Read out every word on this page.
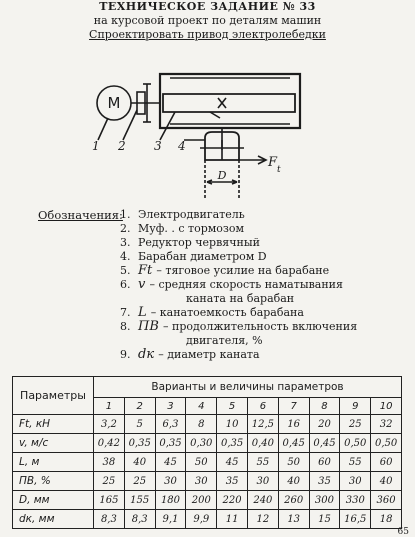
ТЕХНИЧЕСКОЕ ЗАДАНИЕ № 33
на курсовой проект по деталям машин
Спроектировать привод электролебедки
M
1 2 3 4
F t
D
Обозначения:
1. Электродвигатель
2. Муф. . с тормозом
3. Редуктор червячный
4. Барабан диаметром D
5. Ft – тяговое усилие на барабане
6. v – средняя скорость наматывания
каната на барабан
7. L – канатоемкость барабана
8. ПВ – продолжительность включения
двигателя, %
9. dк – диаметр каната
Параметры	Варианты и величины параметров									
	1	2	3	4	5	6	7	8	9	10
Ft, кН	3,2	5	6,3	8	10	12,5	16	20	25	32
v, м/с	0,42	0,35	0,35	0,30	0,35	0,40	0,45	0,45	0,50	0,50
L, м	38	40	45	50	45	55	50	60	55	60
ПВ, %	25	25	30	30	35	30	40	35	30	40
D, мм	165	155	180	200	220	240	260	300	330	360
dк, мм	8,3	8,3	9,1	9,9	11	12	13	15	16,5	18
65
